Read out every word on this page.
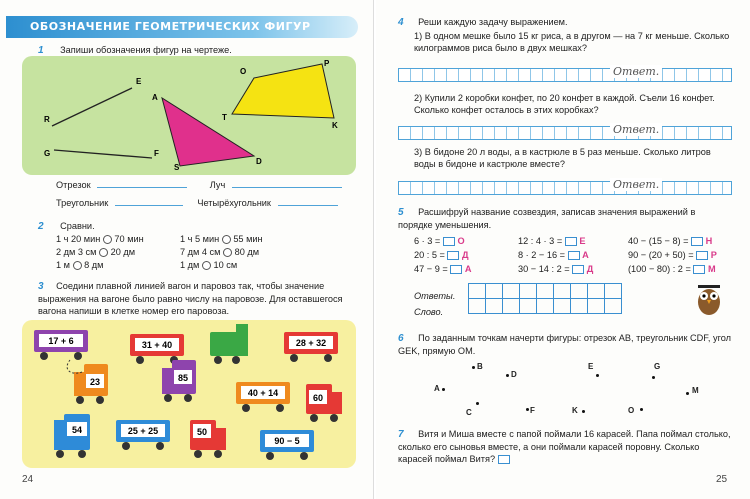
ОБОЗНАЧЕНИЕ ГЕОМЕТРИЧЕСКИХ ФИГУР
1 Запиши обозначения фигур на чертеже.
R
E
A
O
P
T
K
G	F
S
D
Отрезок	Луч
Треугольник	Четырёхугольник
2 Сравни.
1 ч 20 мин 70 мин
2 дм 3 см 20 дм
1 м 8 дм
1 ч 5 мин 55 мин
7 дм 4 см 80 дм
1 дм 10 см
3 Соедини плавной линией вагон и паровоз так, чтобы значение выражения на вагоне было равно числу на паровозе. Для оставшегося вагона напиши в клетке номер его паровоза.
17 + 6	31 + 40	28 + 32
23	85
40 + 14	60
54	25 + 25	50
90 − 5
24
4 Реши каждую задачу выражением.
1) В одном мешке было 15 кг риса, а в другом — на 7 кг меньше. Сколько килограммов риса было в двух мешках?
Ответ.
2) Купили 2 коробки конфет, по 20 конфет в каждой. Съели 16 конфет. Сколько конфет осталось в этих коробках?
Ответ.
3) В бидоне 20 л воды, а в кастрюле в 5 раз меньше. Сколько литров воды в бидоне и кастрюле вместе?
Ответ.
5 Расшифруй название созвездия, записав значения выражений в порядке уменьшения.
6 · 3 = О	12 : 4 · 3 = Е	40 − (15 − 8) = Н
20 : 5 = Д	8 · 2 − 16 = А	90 − (20 + 50) = Р
47 − 9 = А	30 − 14 : 2 = Д	(100 − 80) : 2 = М
Ответы.
Слово.

6 По заданным точкам начерти фигуры: отрезок AB, треугольник CDF, угол GEK, прямую OM.
B
D
E	G
A	M
C	F	K	O
7 Витя и Миша вместе с папой поймали 16 карасей. Папа поймал столько, сколько его сыновья вместе, а они поймали карасей поровну. Сколько карасей поймал Витя?
25
